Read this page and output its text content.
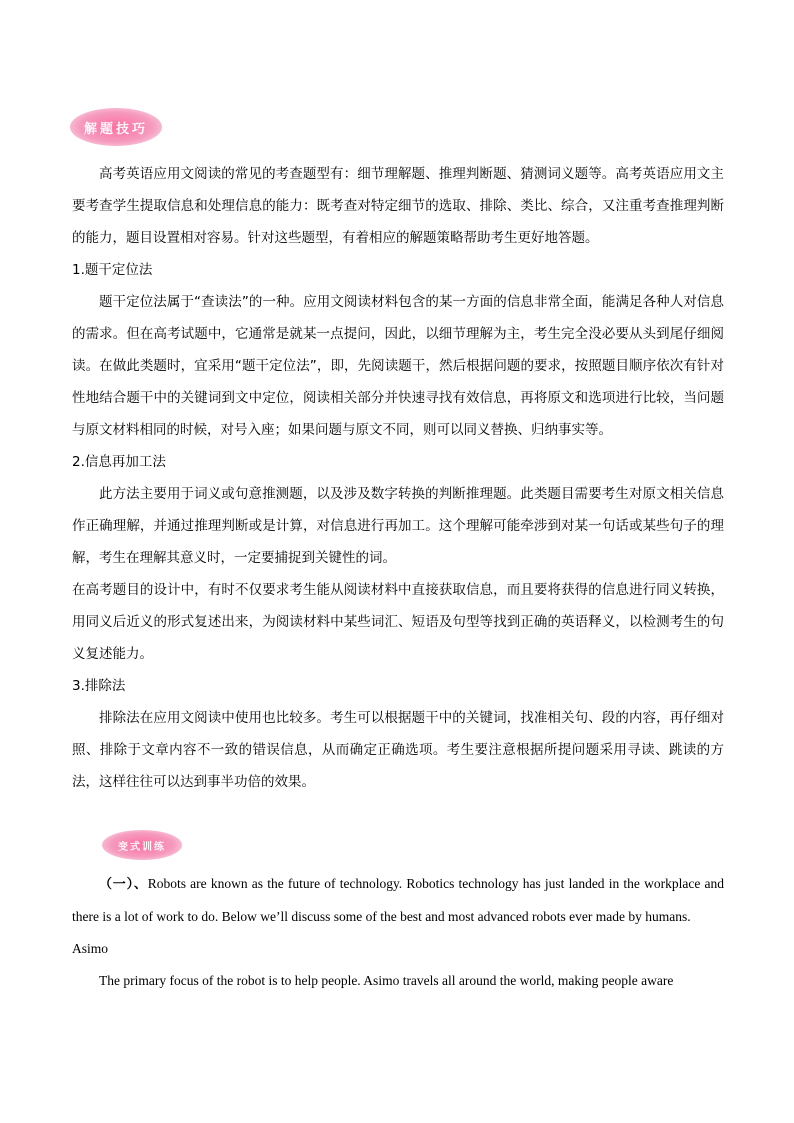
解题技巧

高考英语应用文阅读的常见的考查题型有：细节理解题、推理判断题、猜测词义题等。高考英语应用文主要考查学生提取信息和处理信息的能力：既考查对特定细节的选取、排除、类比、综合，又注重考查推理判断的能力，题目设置相对容易。针对这些题型，有着相应的解题策略帮助考生更好地答题。

1.题干定位法

题干定位法属于“查读法”的一种。应用文阅读材料包含的某一方面的信息非常全面，能满足各种人对信息的需求。但在高考试题中，它通常是就某一点提问，因此，以细节理解为主，考生完全没必要从头到尾仔细阅读。在做此类题时，宜采用“题干定位法”，即，先阅读题干，然后根据问题的要求，按照题目顺序依次有针对性地结合题干中的关键词到文中定位，阅读相关部分并快速寻找有效信息，再将原文和选项进行比较，当问题与原文材料相同的时候，对号入座；如果问题与原文不同，则可以同义替换、归纳事实等。

2.信息再加工法

此方法主要用于词义或句意推测题，以及涉及数字转换的判断推理题。此类题目需要考生对原文相关信息作正确理解，并通过推理判断或是计算，对信息进行再加工。这个理解可能牵涉到对某一句话或某些句子的理解，考生在理解其意义时，一定要捕捉到关键性的词。

在高考题目的设计中，有时不仅要求考生能从阅读材料中直接获取信息，而且要将获得的信息进行同义转换，用同义后近义的形式复述出来，为阅读材料中某些词汇、短语及句型等找到正确的英语释义，以检测考生的句义复述能力。

3.排除法

排除法在应用文阅读中使用也比较多。考生可以根据题干中的关键词，找准相关句、段的内容，再仔细对照、排除于文章内容不一致的错误信息，从而确定正确选项。考生要注意根据所提问题采用寻读、跳读的方法，这样往往可以达到事半功倍的效果。

变式训练

（一）、Robots are known as the future of technology. Robotics technology has just landed in the workplace and there is a lot of work to do. Below we’ll discuss some of the best and most advanced robots ever made by humans.

Asimo

The primary focus of the robot is to help people. Asimo travels all around the world, making people aware
